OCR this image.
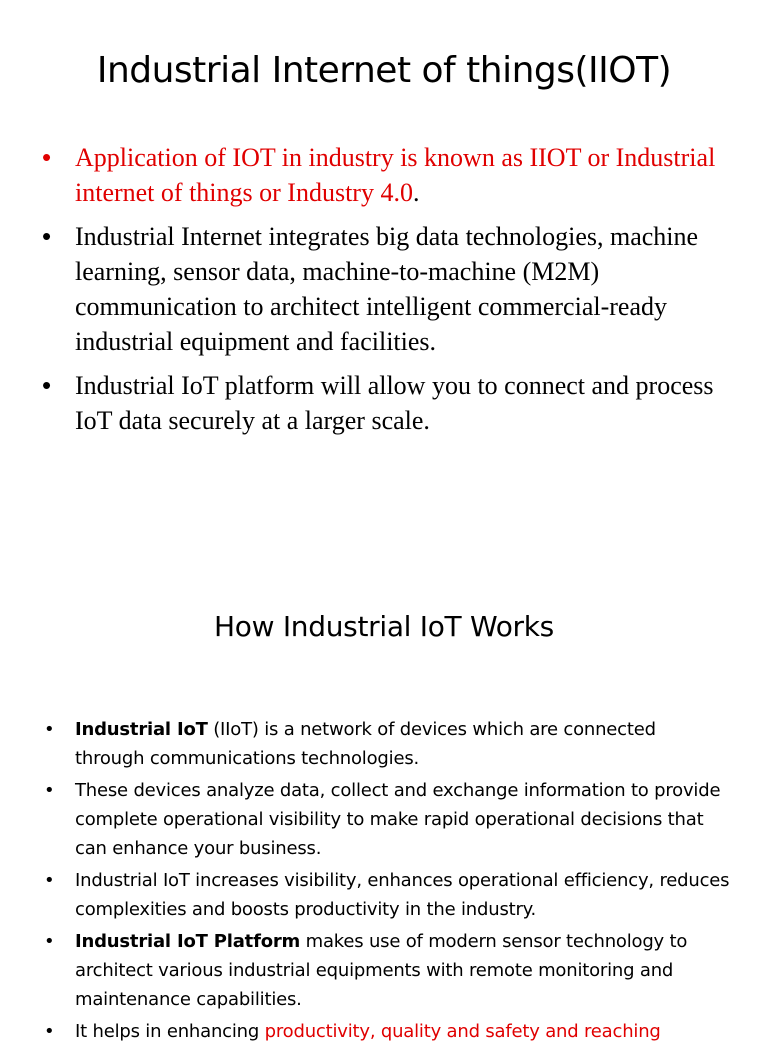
Industrial Internet of things(IIOT)
• Application of IOT in industry is known as IIOT or Industrial internet of things or Industry 4.0.
• Industrial Internet integrates big data technologies, machine learning, sensor data, machine-to-machine (M2M) communication to architect intelligent commercial-ready industrial equipment and facilities.
• Industrial IoT platform will allow you to connect and process IoT data securely at a larger scale.
How Industrial IoT Works
• Industrial IoT (IIoT) is a network of devices which are connected through communications technologies.
• These devices analyze data, collect and exchange information to provide complete operational visibility to make rapid operational decisions that can enhance your business.
• Industrial IoT increases visibility, enhances operational efficiency, reduces complexities and boosts productivity in the industry.
• Industrial IoT Platform makes use of modern sensor technology to architect various industrial equipments with remote monitoring and maintenance capabilities.
• It helps in enhancing productivity, quality and safety and reaching
